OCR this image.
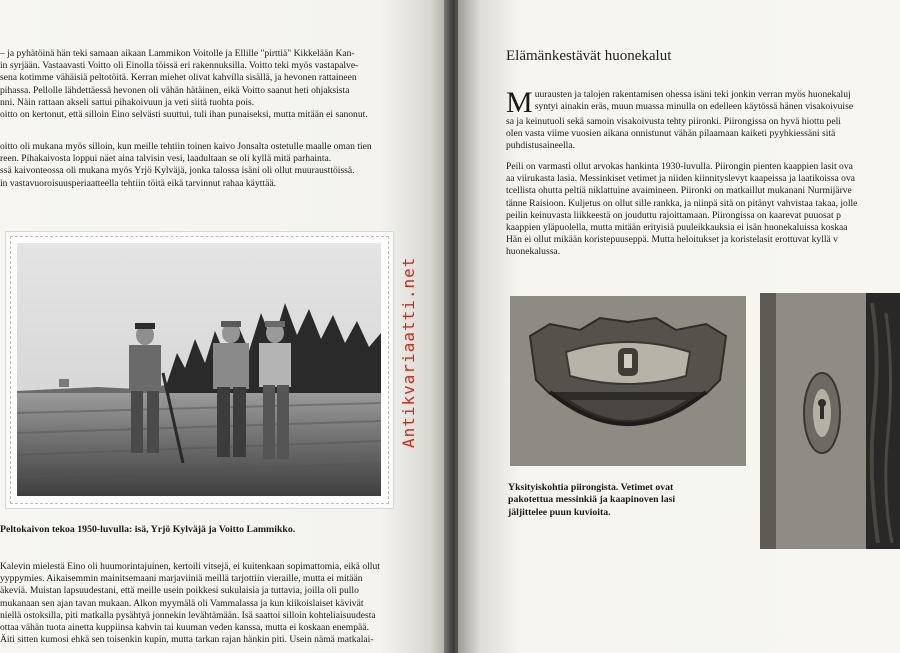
– ja pyhätöinä hän teki samaan aikaan Lammikon Voitolle ja Ellille "pirttiä" Kikkelään Kan-
in syrjään. Vastaavasti Voitto oli Einolla töissä eri rakennuksilla. Voitto teki myös vastapalve-
sena kotimme vähäisiä peltotöitä. Kerran miehet olivat kahvilla sisällä, ja hevonen rattaineen
pihassa. Pellolle lähdettäessä hevonen oli vähän hätäinen, eikä Voitto saanut heti ohjaksista
nni. Näin rattaan akseli sattui pihakoivuun ja veti siitä tuohta pois.
oitto on kertonut, että silloin Eino selvästi suuttui, tuli ihan punaiseksi, mutta mitään ei sanonut.
oitto oli mukana myös silloin, kun meille tehtiin toinen kaivo Jonsalta ostetulle maalle oman tien
reen. Pihakaivosta loppui näet aina talvisin vesi, laadultaan se oli kyllä mitä parhainta.
ssä kaivonteossa oli mukana myös Yrjö Kylväjä, jonka talossa isäni oli ollut muurausttöissä.
in vastavuoroisuusperiaatteella tehtiin töitä eikä tarvinnut rahaa käyttää.
Peltokaivon tekoa 1950-luvulla: isä, Yrjö Kylväjä ja Voitto Lammikko.
Kalevin mielestä Eino oli huumorintajuinen, kertoili vitsejä, ei kuitenkaan sopimattomia, eikä ollut
yyppymies. Aikaisemmin mainitsemaani marjaviiniä meillä tarjottiin vieraille, mutta ei mitään
äkeviä. Muistan lapsuudestani, että meille usein poikkesi sukulaisia ja tuttavia, joilla oli pullo
mukanaan sen ajan tavan mukaan. Alkon myymälä oli Vammalassa ja kun kiikoislaiset kävivät
niellä ostoksilla, piti matkalla pysähtyä jonnekin levähtämään. Isä saattoi silloin kohteliaisuudesta
ottaa vähän tuota ainetta kuppiinsa kahvin tai kuuman veden kanssa, mutta ei koskaan enempää.
Äiti sitten kumosi ehkä sen toisenkin kupin, mutta tarkan rajan hänkin piti. Usein nämä matkalai-
Antikvariaatti.net
Elämänkestävät huonekalut
M uurausten ja talojen rakentamisen ohessa isäni teki jonkin verran myös huonekaluj
syntyi ainakin eräs, muun muassa minulla on edelleen käytössä hänen visakoivuise
sa ja keinutuoli sekä samoin visakoivusta tehty piironki. Piirongissa on hyvä hiottu peli
olen vasta viime vuosien aikana onnistunut vähän pilaamaan kaiketi pyyhkiessäni sitä
puhdistusaineella.
Peili on varmasti ollut arvokas hankinta 1930-luvulla. Piirongin pienten kaappien lasit ova
aa viirukasta lasia. Messinkiset vetimet ja niiden kiinnityslevyt kaapeissa ja laatikoissa ova
tcellista ohutta peltiä niklattuine avaimineen. Piironki on matkaillut mukanani Nurmijärve
tänne Raisioon. Kuljetus on ollut sille rankka, ja niinpä sitä on pitänyt vahvistaa takaa, jolle
peilin keinuvasta liikkeestä on jouduttu rajoittamaan. Piirongissa on kaarevat puuosat p
kaappien yläpuolella, mutta mitään erityisiä puuleikkauksia ei isän huonekaluissa koskaa
Hän ei ollut mikään koristepuuseppä. Mutta heloitukset ja koristelasit erottuvat kyllä v
huonekalussa.
Yksityiskohtia piirongista. Vetimet ovat
pakotettua messinkiä ja kaapinoven lasi
jäljittelee puun kuvioita.
